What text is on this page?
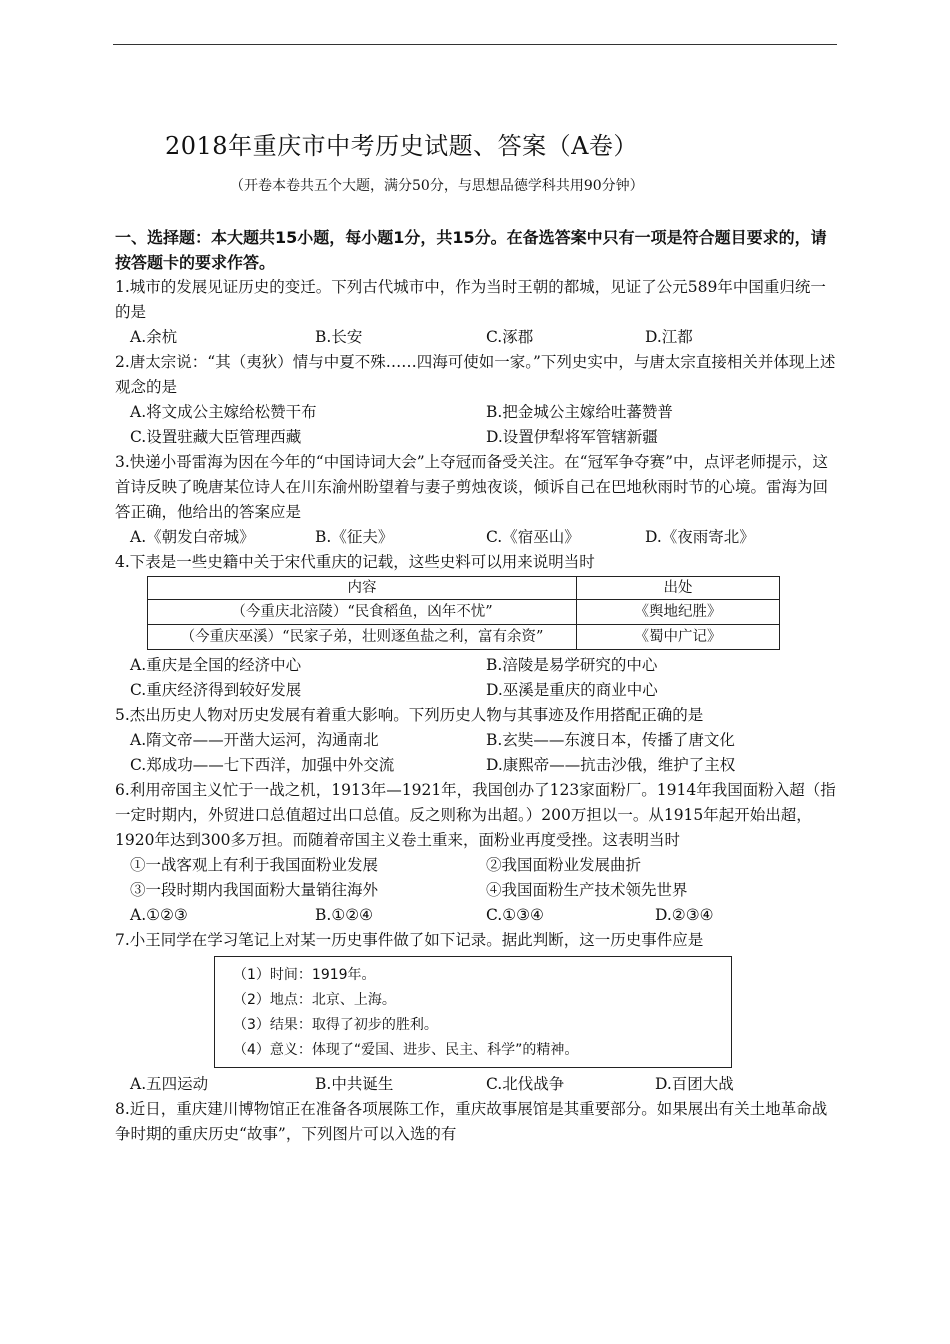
2018年重庆市中考历史试题、答案（A卷）
（开卷本卷共五个大题，满分50分，与思想品德学科共用90分钟）
一、选择题：本大题共15小题，每小题1分，共15分。在备选答案中只有一项是符合题目要求的，请按答题卡的要求作答。

1.城市的发展见证历史的变迁。下列古代城市中，作为当时王朝的都城，见证了公元589年中国重归统一的是

A.余杭	B.长安	C.涿郡	D.江都

2.唐太宗说：“其（夷狄）情与中夏不殊……四海可使如一家。”下列史实中，与唐太宗直接相关并体现上述观念的是

A.将文成公主嫁给松赞干布	B.把金城公主嫁给吐蕃赞普
C.设置驻藏大臣管理西藏	D.设置伊犁将军管辖新疆

3.快递小哥雷海为因在今年的“中国诗词大会”上夺冠而备受关注。在“冠军争夺赛”中，点评老师提示，这首诗反映了晚唐某位诗人在川东渝州盼望着与妻子剪烛夜谈，倾诉自己在巴地秋雨时节的心境。雷海为回答正确，他给出的答案应是

A.《朝发白帝城》	B.《征夫》	C.《宿巫山》	D.《夜雨寄北》

4.下表是一些史籍中关于宋代重庆的记载，这些史料可以用来说明当时

内容	出处
（今重庆北涪陵）“民食稻鱼，凶年不忧”	《舆地纪胜》
（今重庆巫溪）“民家子弟，壮则逐鱼盐之利，富有余资”	《蜀中广记》
A.重庆是全国的经济中心	B.涪陵是易学研究的中心
C.重庆经济得到较好发展	D.巫溪是重庆的商业中心

5.杰出历史人物对历史发展有着重大影响。下列历史人物与其事迹及作用搭配正确的是

A.隋文帝——开凿大运河，沟通南北	B.玄奘——东渡日本，传播了唐文化
C.郑成功——七下西洋，加强中外交流	D.康熙帝——抗击沙俄，维护了主权

6.利用帝国主义忙于一战之机，1913年—1921年，我国创办了123家面粉厂。1914年我国面粉入超（指一定时期内，外贸进口总值超过出口总值。反之则称为出超。）200万担以一。从1915年起开始出超，1920年达到300多万担。而随着帝国主义卷土重来，面粉业再度受挫。这表明当时

①一战客观上有利于我国面粉业发展	②我国面粉业发展曲折
③一段时期内我国面粉大量销往海外	④我国面粉生产技术领先世界
A.①②③	B.①②④	C.①③④	D.②③④

7.小王同学在学习笔记上对某一历史事件做了如下记录。据此判断，这一历史事件应是

（1）时间：1919年。
（2）地点：北京、上海。
（3）结果：取得了初步的胜利。
（4）意义：体现了“爱国、进步、民主、科学”的精神。
A.五四运动	B.中共诞生	C.北伐战争	D.百团大战

8.近日，重庆建川博物馆正在准备各项展陈工作，重庆故事展馆是其重要部分。如果展出有关土地革命战争时期的重庆历史“故事”，下列图片可以入选的有
